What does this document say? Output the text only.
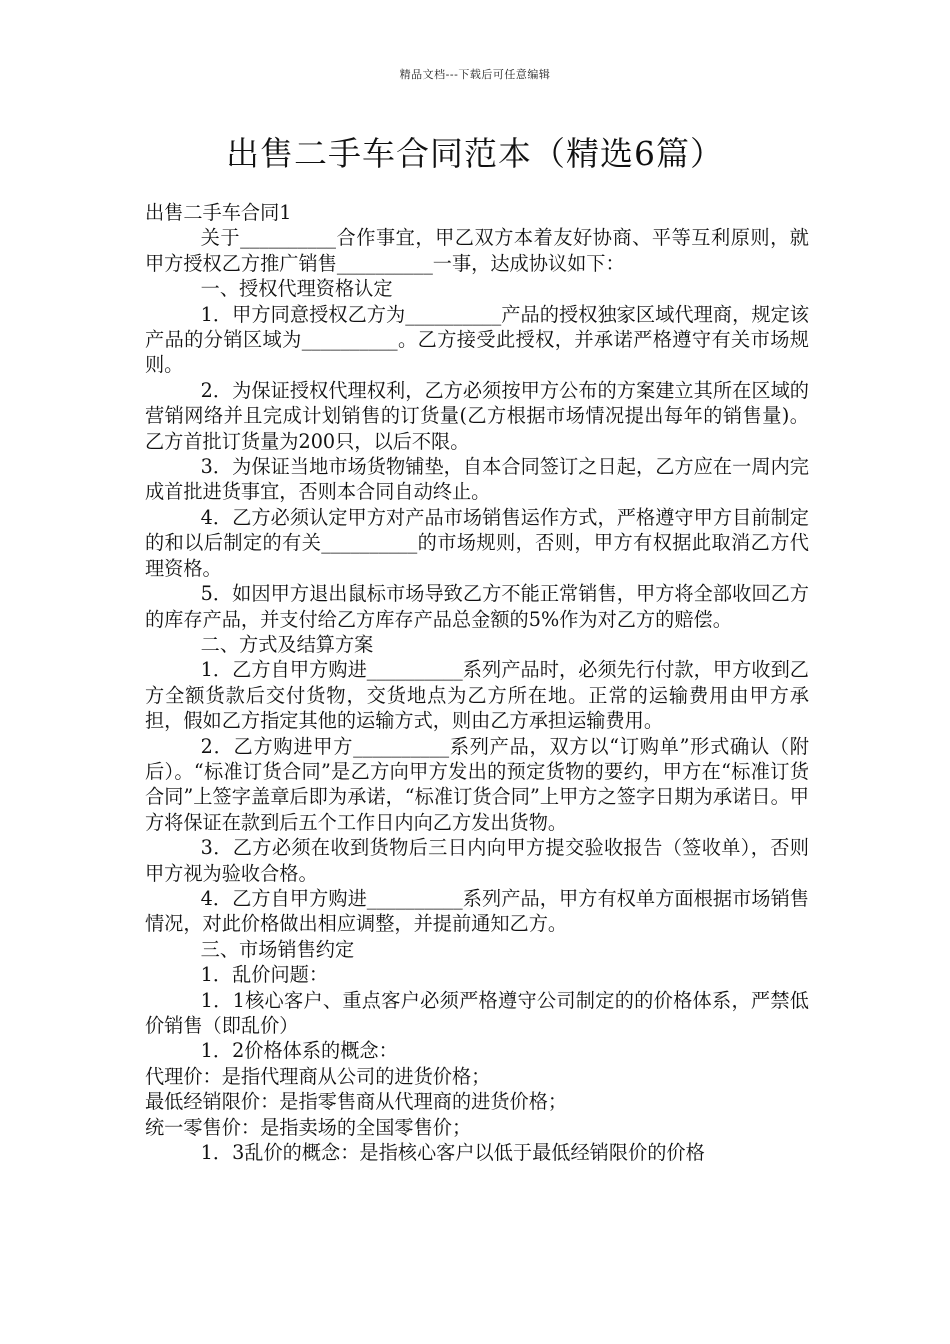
精品文档---下载后可任意编辑
出售二手车合同范本（精选6篇）

出售二手车合同1

关于__________合作事宜，甲乙双方本着友好协商、平等互利原则，就甲方授权乙方推广销售__________一事，达成协议如下：

一、授权代理资格认定

1．甲方同意授权乙方为__________产品的授权独家区域代理商，规定该产品的分销区域为__________。乙方接受此授权，并承诺严格遵守有关市场规则。

2．为保证授权代理权利，乙方必须按甲方公布的方案建立其所在区域的营销网络并且完成计划销售的订货量(乙方根据市场情况提出每年的销售量)。乙方首批订货量为200只，以后不限。

3．为保证当地市场货物铺垫，自本合同签订之日起，乙方应在一周内完成首批进货事宜，否则本合同自动终止。

4．乙方必须认定甲方对产品市场销售运作方式，严格遵守甲方目前制定的和以后制定的有关__________的市场规则，否则，甲方有权据此取消乙方代理资格。

5．如因甲方退出鼠标市场导致乙方不能正常销售，甲方将全部收回乙方的库存产品，并支付给乙方库存产品总金额的5%作为对乙方的赔偿。

二、方式及结算方案

1．乙方自甲方购进__________系列产品时，必须先行付款，甲方收到乙方全额货款后交付货物，交货地点为乙方所在地。正常的运输费用由甲方承担，假如乙方指定其他的运输方式，则由乙方承担运输费用。

2．乙方购进甲方__________系列产品，双方以“订购单”形式确认（附后）。“标准订货合同”是乙方向甲方发出的预定货物的要约，甲方在“标准订货合同”上签字盖章后即为承诺，“标准订货合同”上甲方之签字日期为承诺日。甲方将保证在款到后五个工作日内向乙方发出货物。

3．乙方必须在收到货物后三日内向甲方提交验收报告（签收单），否则甲方视为验收合格。

4．乙方自甲方购进__________系列产品，甲方有权单方面根据市场销售情况，对此价格做出相应调整，并提前通知乙方。

三、市场销售约定

1．乱价问题：

1．1核心客户、重点客户必须严格遵守公司制定的的价格体系，严禁低价销售（即乱价）

1．2价格体系的概念：

代理价：是指代理商从公司的进货价格；

最低经销限价：是指零售商从代理商的进货价格；

统一零售价：是指卖场的全国零售价；

1．3乱价的概念：是指核心客户以低于最低经销限价的价格
